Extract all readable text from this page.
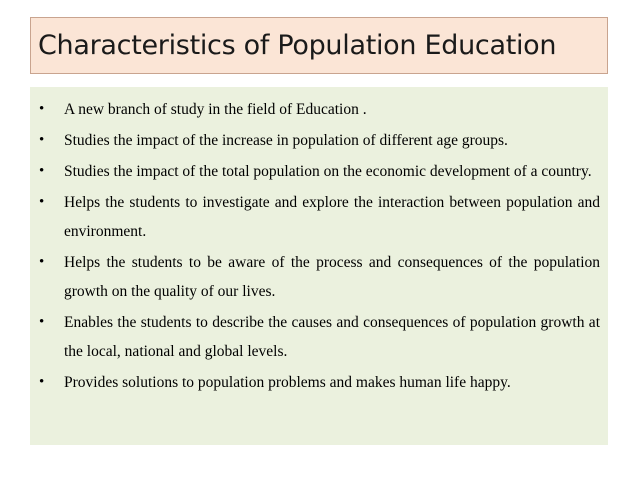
Characteristics of Population Education
• A new branch of study in the field of Education .
• Studies the impact of the increase in population of different age groups.
• Studies the impact of the total population on the economic development of a country.
• Helps the students to investigate and explore the interaction between population and environment.
• Helps the students to be aware of the process and consequences of the population growth on the quality of our lives.
• Enables the students to describe the causes and consequences of population growth at the local, national and global levels.
• Provides solutions to population problems and makes human life happy.
